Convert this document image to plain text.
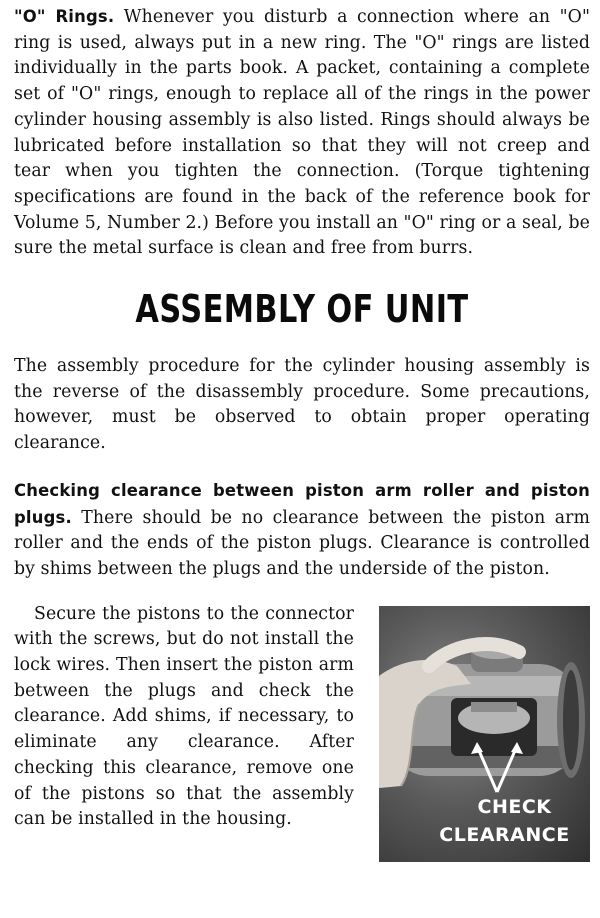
"O" Rings. Whenever you disturb a connection where an "O" ring is used, always put in a new ring. The "O" rings are listed individually in the parts book. A packet, containing a complete set of "O" rings, enough to replace all of the rings in the power cylinder housing assembly is also listed. Rings should always be lubricated before installation so that they will not creep and tear when you tighten the connection. (Torque tightening specifications are found in the back of the reference book for Volume 5, Number 2.) Before you install an "O" ring or a seal, be sure the metal surface is clean and free from burrs.

ASSEMBLY OF UNIT

The assembly procedure for the cylinder housing assembly is the reverse of the disassembly procedure. Some precautions, however, must be observed to obtain proper operating clearance.

Checking clearance between piston arm roller and piston plugs. There should be no clearance between the piston arm roller and the ends of the piston plugs. Clearance is controlled by shims between the plugs and the underside of the piston.

Secure the pistons to the connector with the screws, but do not install the lock wires. Then insert the piston arm between the plugs and check the clearance. Add shims, if necessary, to eliminate any clearance. After checking this clearance, remove one of the pistons so that the assembly can be installed in the housing.

CHECK
CLEARANCE
